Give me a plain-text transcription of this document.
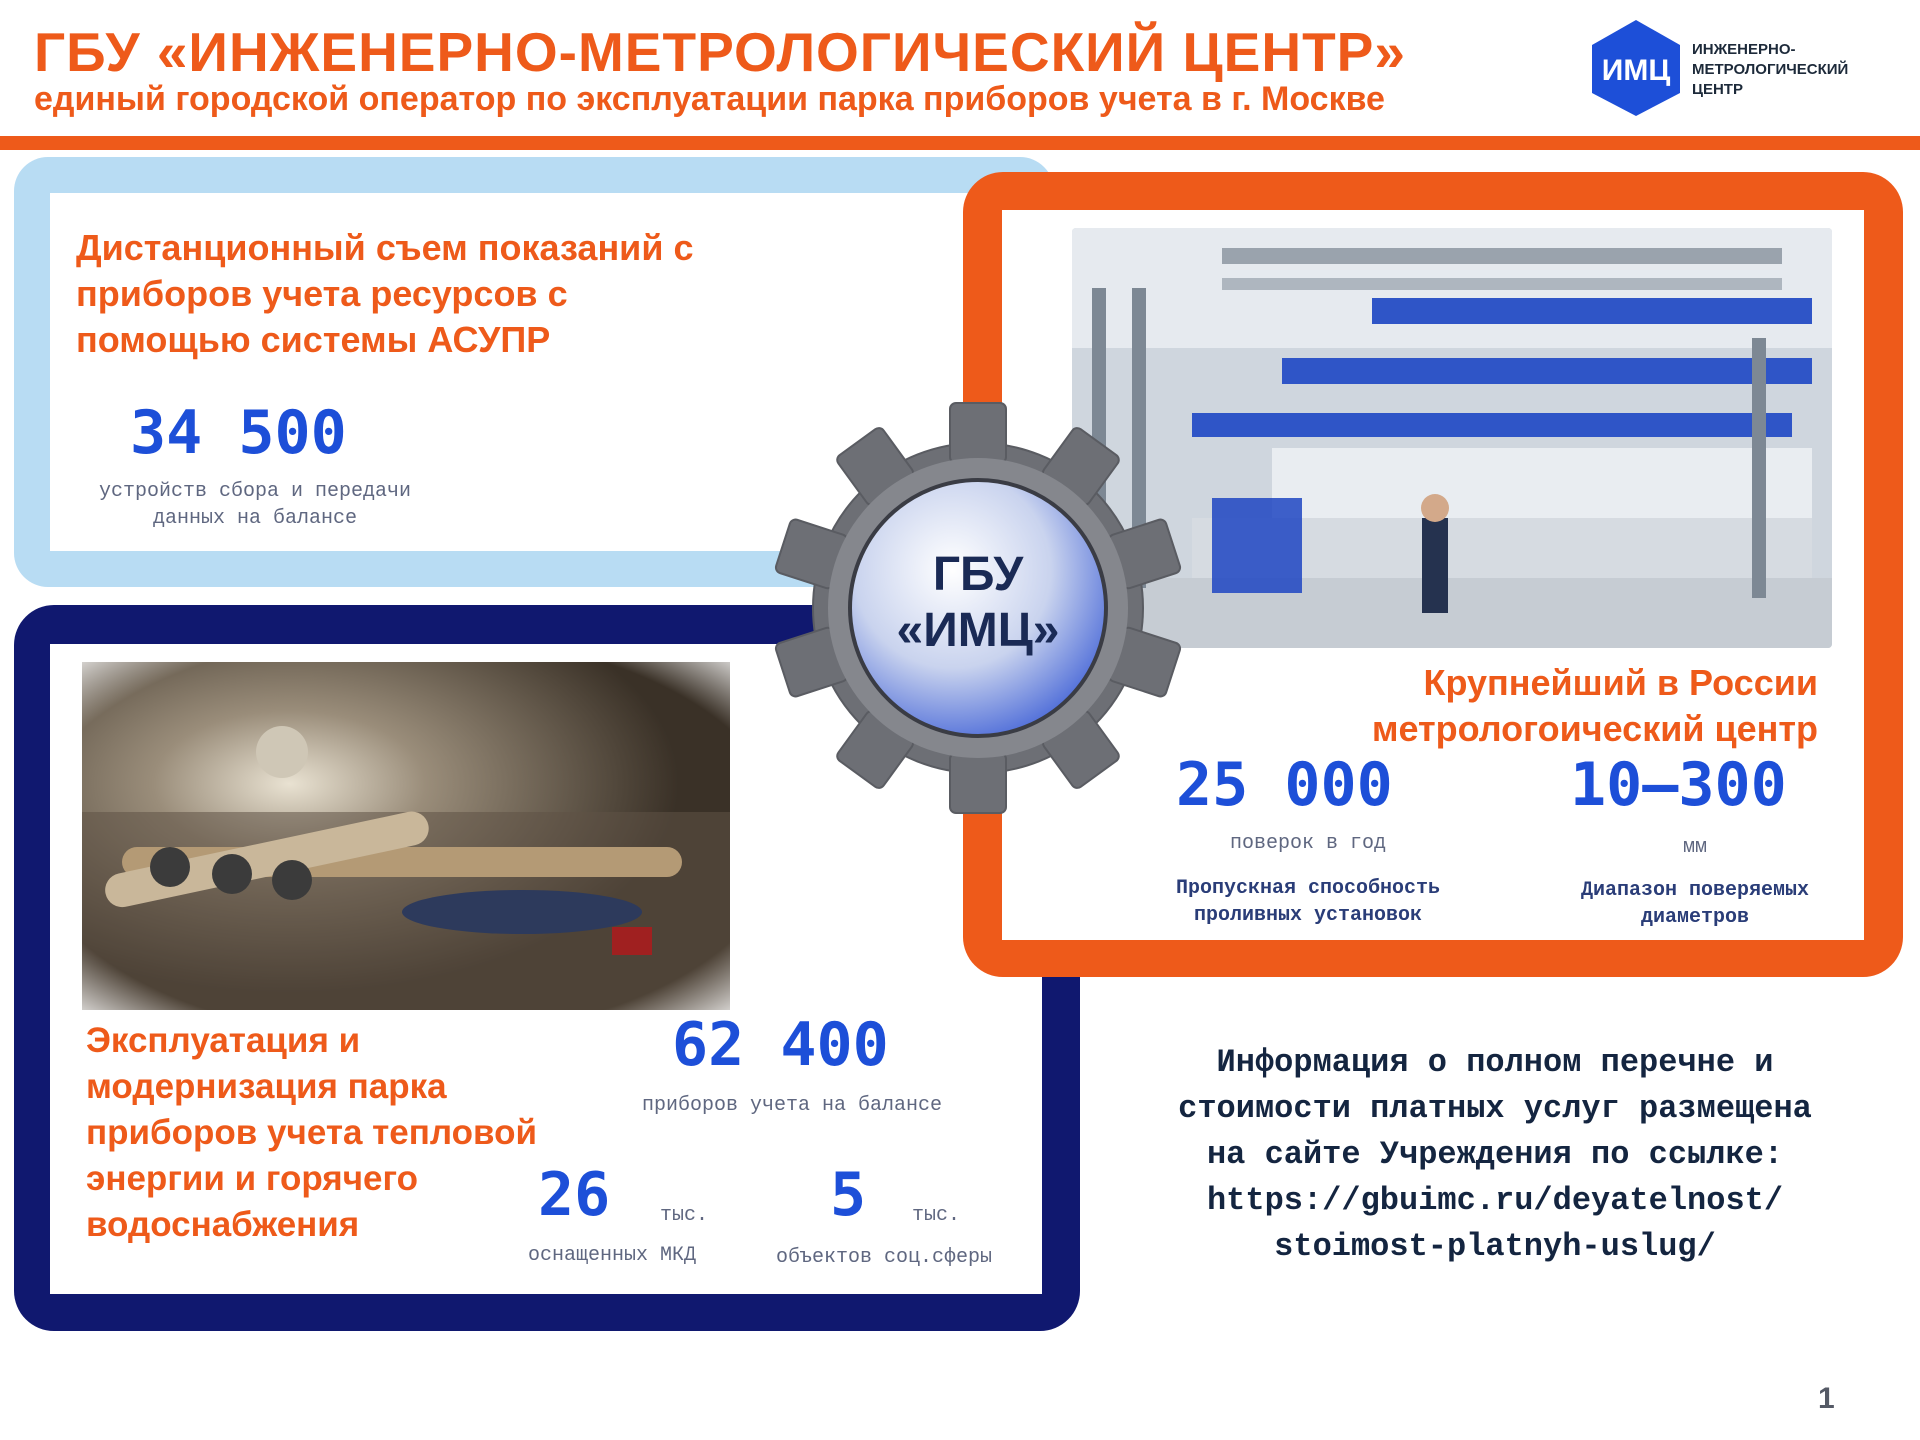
ГБУ «ИНЖЕНЕРНО-МЕТРОЛОГИЧЕСКИЙ ЦЕНТР»
единый городской оператор по эксплуатации парка приборов учета в г. Москве
ИМЦ
ИНЖЕНЕРНО-
МЕТРОЛОГИЧЕСКИЙ
ЦЕНТР
Дистанционный съем показаний с
приборов учета ресурсов с
помощью системы АСУПР
34 500
устройств сбора и передачи
данных на балансе
Эксплуатация и
модернизация парка
приборов учета тепловой
энергии и горячего
водоснабжения
62 400
приборов учета на балансе
26 тыс.
оснащенных МКД
5 тыс.
объектов соц.сферы
Крупнейший в России
метрологоический центр
25 000
поверок в год
Пропускная способность
проливных установок
10–300
мм
Диапазон поверяемых
диаметров
ГБУ
«ИМЦ»
Информация о полном перечне и
стоимости платных услуг размещена
на сайте Учреждения по ссылке:
https://gbuimc.ru/deyatelnost/
stoimost-platnyh-uslug/
1
